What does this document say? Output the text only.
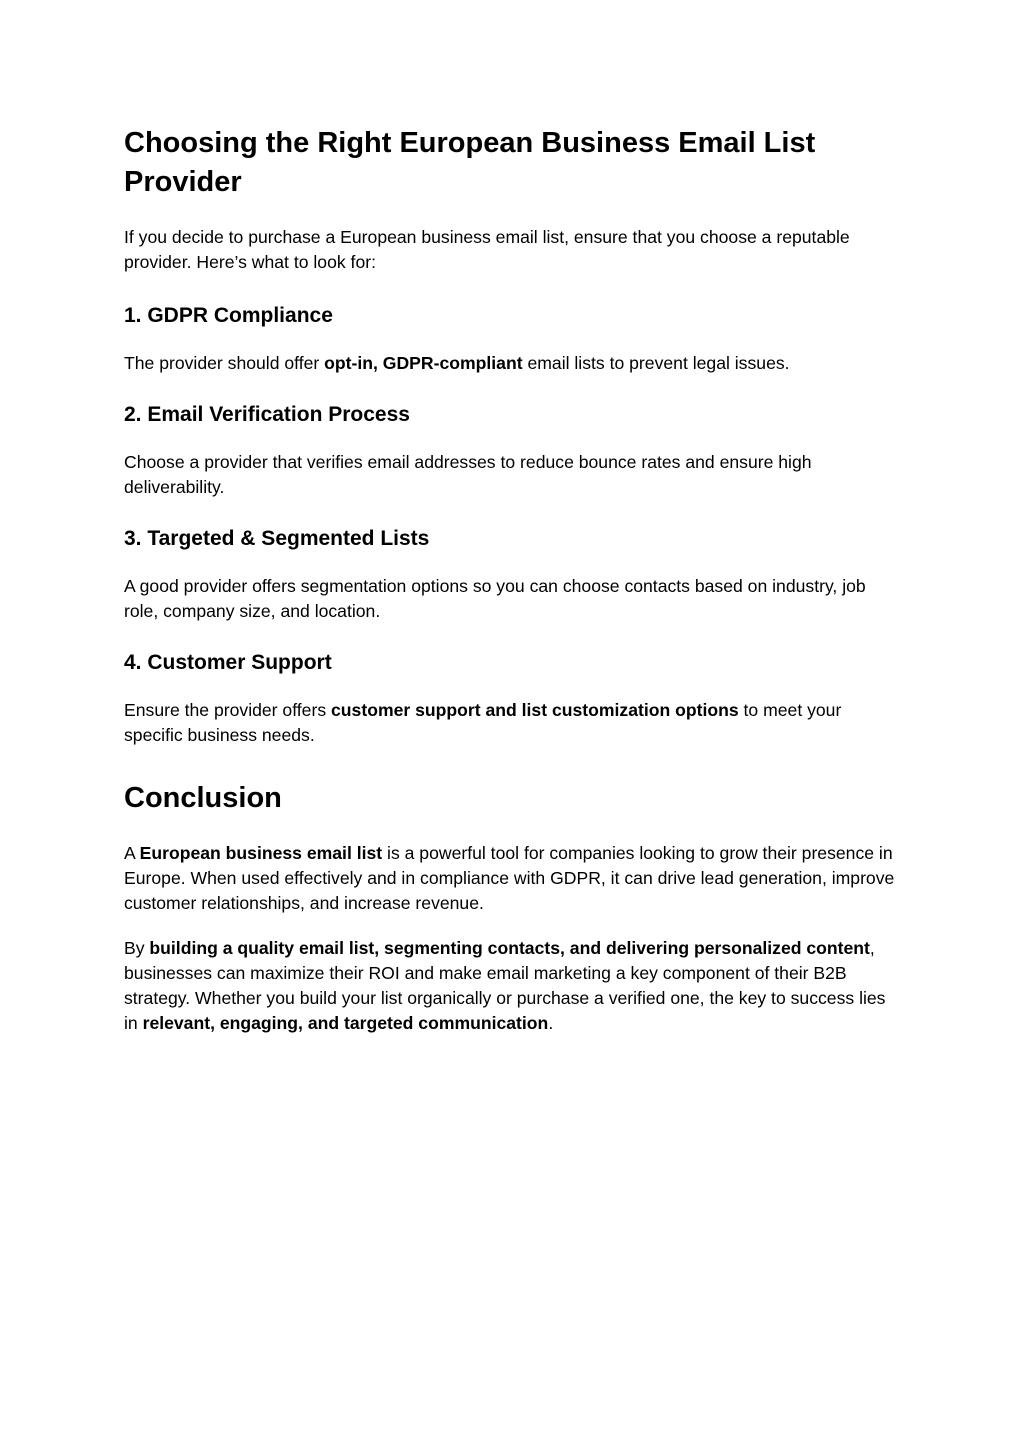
Choosing the Right European Business Email List Provider

If you decide to purchase a European business email list, ensure that you choose a reputable provider. Here’s what to look for:

1. GDPR Compliance

The provider should offer opt-in, GDPR-compliant email lists to prevent legal issues.

2. Email Verification Process

Choose a provider that verifies email addresses to reduce bounce rates and ensure high deliverability.

3. Targeted & Segmented Lists

A good provider offers segmentation options so you can choose contacts based on industry, job role, company size, and location.

4. Customer Support

Ensure the provider offers customer support and list customization options to meet your specific business needs.

Conclusion

A European business email list is a powerful tool for companies looking to grow their presence in Europe. When used effectively and in compliance with GDPR, it can drive lead generation, improve customer relationships, and increase revenue.

By building a quality email list, segmenting contacts, and delivering personalized content, businesses can maximize their ROI and make email marketing a key component of their B2B strategy. Whether you build your list organically or purchase a verified one, the key to success lies in relevant, engaging, and targeted communication.
